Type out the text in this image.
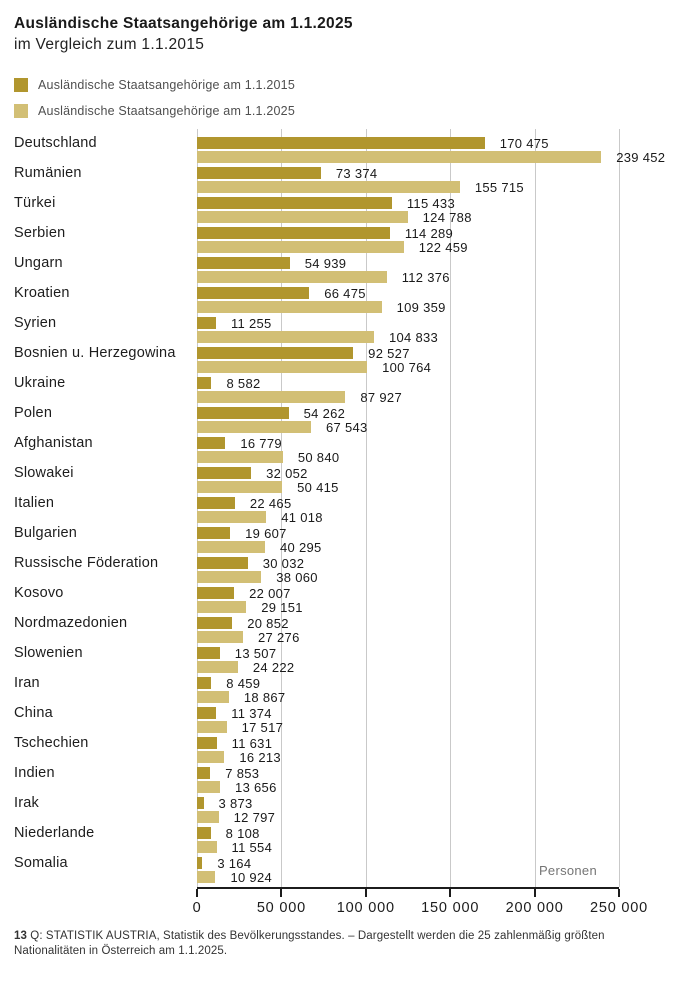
Ausländische Staatsangehörige am 1.1.2025
im Vergleich zum 1.1.2015
Ausländische Staatsangehörige am 1.1.2015
Ausländische Staatsangehörige am 1.1.2025
Deutschland	170 475
239 452
Rumänien	73 374
155 715
Türkei	115 433
124 788
Serbien	114 289
122 459
Ungarn	54 939
112 376
Kroatien	66 475
109 359
Syrien	11 255
104 833
Bosnien u. Herzegowina	92 527
100 764
Ukraine	8 582
87 927
Polen	54 262
67 543
Afghanistan	16 779
50 840
Slowakei	32 052
50 415
Italien	22 465
41 018
Bulgarien	19 607
40 295
Russische Föderation	30 032
38 060
Kosovo	22 007
29 151
Nordmazedonien	20 852
27 276
Slowenien	13 507
24 222
Iran	8 459
18 867
China	11 374
17 517
Tschechien	11 631
16 213
Indien	7 853
13 656
Irak	3 873
12 797
Niederlande	8 108
11 554
Somalia	3 164
10 924	Personen
0	50 000 100 000 150 000 200 000 250 000
13 Q: STATISTIK AUSTRIA, Statistik des Bevölkerungsstandes. – Dargestellt werden die 25 zahlenmäßig größten Nationalitäten in Österreich am 1.1.2025.
